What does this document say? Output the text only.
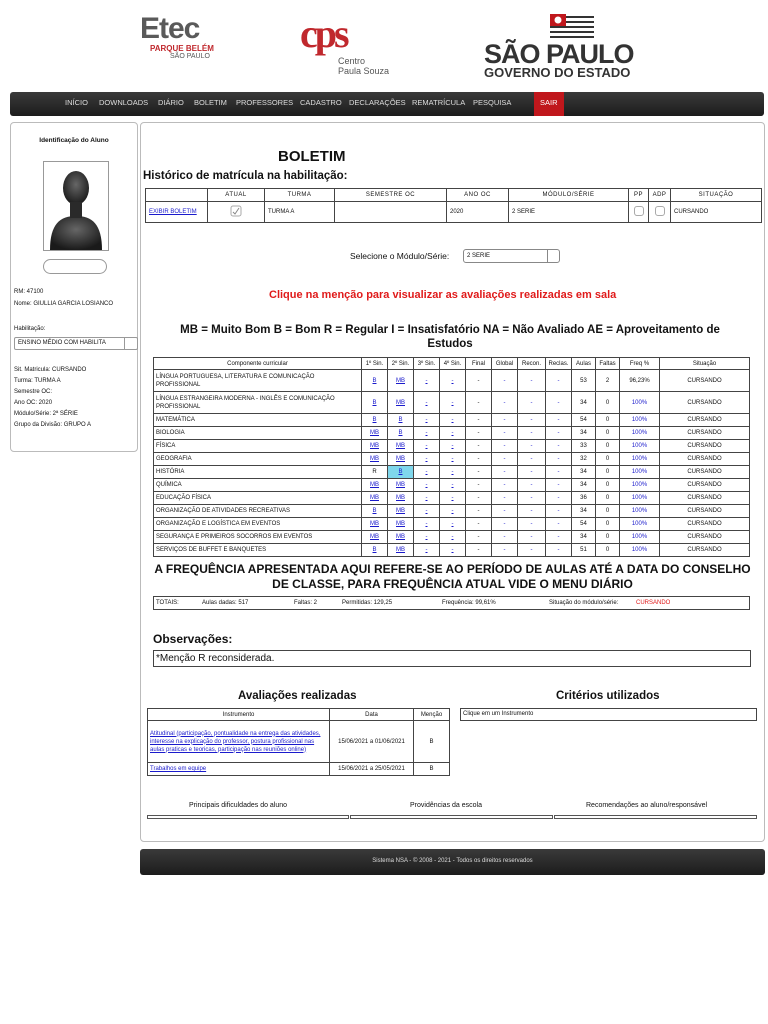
Etec
PARQUE BELÉM
SÃO PAULO
cps
Centro
Paula Souza
SÃO PAULO
GOVERNO DO ESTADO
INÍCIO DOWNLOADS DIÁRIO BOLETIM PROFESSORES CADASTRO DECLARAÇÕES REMATRÍCULA PESQUISA	SAIR
Identificação do Aluno
RM: 47100
Nome: GIULLIA GARCIA LOSIANCO
Habilitação:
ENSINO MÉDIO COM HABILITA
Sit. Matricula: CURSANDO
Turma: TURMA A
Semestre OC:
Ano OC: 2020
Módulo/Série: 2ª SÉRIE
Grupo da Divisão: GRUPO A
BOLETIM
Histórico de matrícula na habilitação:
	ATUAL	TURMA	SEMESTRE OC	ANO OC	MÓDULO/SÉRIE	PP	ADP	SITUAÇÃO
EXIBIR BOLETIM		TURMA A		2020	2 SERIE			CURSANDO
Selecione o Módulo/Série:	2 SERIE
Clique na menção para visualizar as avaliações realizadas em sala
MB = Muito Bom B = Bom R = Regular I = Insatisfatório NA = Não Avaliado AE = Aproveitamento de Estudos
Componente curricular	1º Sin.	2º Sin.	3º Sin.	4º Sin.	Final	Global	Recon.	Reclas.	Aulas	Faltas	Freq %	Situação
LÍNGUA PORTUGUESA, LITERATURA E COMUNICAÇÃO PROFISSIONAL	B	MB	-	-	-	-	-	-	53	2	96,23%	CURSANDO
LÍNGUA ESTRANGEIRA MODERNA - INGLÊS E COMUNICAÇÃO PROFISSIONAL	B	MB	-	-	-	-	-	-	34	0	100%	CURSANDO
MATEMÁTICA	B	B	-	-	-	-	-	-	54	0	100%	CURSANDO
BIOLOGIA	MB	B	-	-	-	-	-	-	34	0	100%	CURSANDO
FÍSICA	MB	MB	-	-	-	-	-	-	33	0	100%	CURSANDO
GEOGRAFIA	MB	MB	-	-	-	-	-	-	32	0	100%	CURSANDO
HISTÓRIA	R	B	-	-	-	-	-	-	34	0	100%	CURSANDO
QUÍMICA	MB	MB	-	-	-	-	-	-	34	0	100%	CURSANDO
EDUCAÇÃO FÍSICA	MB	MB	-	-	-	-	-	-	36	0	100%	CURSANDO
ORGANIZAÇÃO DE ATIVIDADES RECREATIVAS	B	MB	-	-	-	-	-	-	34	0	100%	CURSANDO
ORGANIZAÇÃO E LOGÍSTICA EM EVENTOS	MB	MB	-	-	-	-	-	-	54	0	100%	CURSANDO
SEGURANÇA E PRIMEIROS SOCORROS EM EVENTOS	MB	MB	-	-	-	-	-	-	34	0	100%	CURSANDO
SERVIÇOS DE BUFFET E BANQUETES	B	MB	-	-	-	-	-	-	51	0	100%	CURSANDO
A FREQUÊNCIA APRESENTADA AQUI REFERE-SE AO PERÍODO DE AULAS ATÉ A DATA DO CONSELHO DE CLASSE, PARA FREQUÊNCIA ATUAL VIDE O MENU DIÁRIO
TOTAIS:	Aulas dadas: 517	Faltas: 2	Permitidas: 129,25	Frequência: 99,61%	Situação do módulo/série:	CURSANDO
Observações:
*Menção R reconsiderada.
Avaliações realizadas	Critérios utilizados
Instrumento	Data	Menção
Atitudinal (participação, pontualidade na entrega das atividades, interesse na explicação do professor, postura profissional nas aulas praticas e teoricas, participação nas reuniões online)	15/06/2021 a 01/06/2021	B
Trabalhos em equipe	15/06/2021 a 25/05/2021	B
Clique em um Instrumento
Principais dificuldades do aluno	Providências da escola	Recomendações ao aluno/responsável
Sistema NSA - © 2008 - 2021 - Todos os direitos reservados
